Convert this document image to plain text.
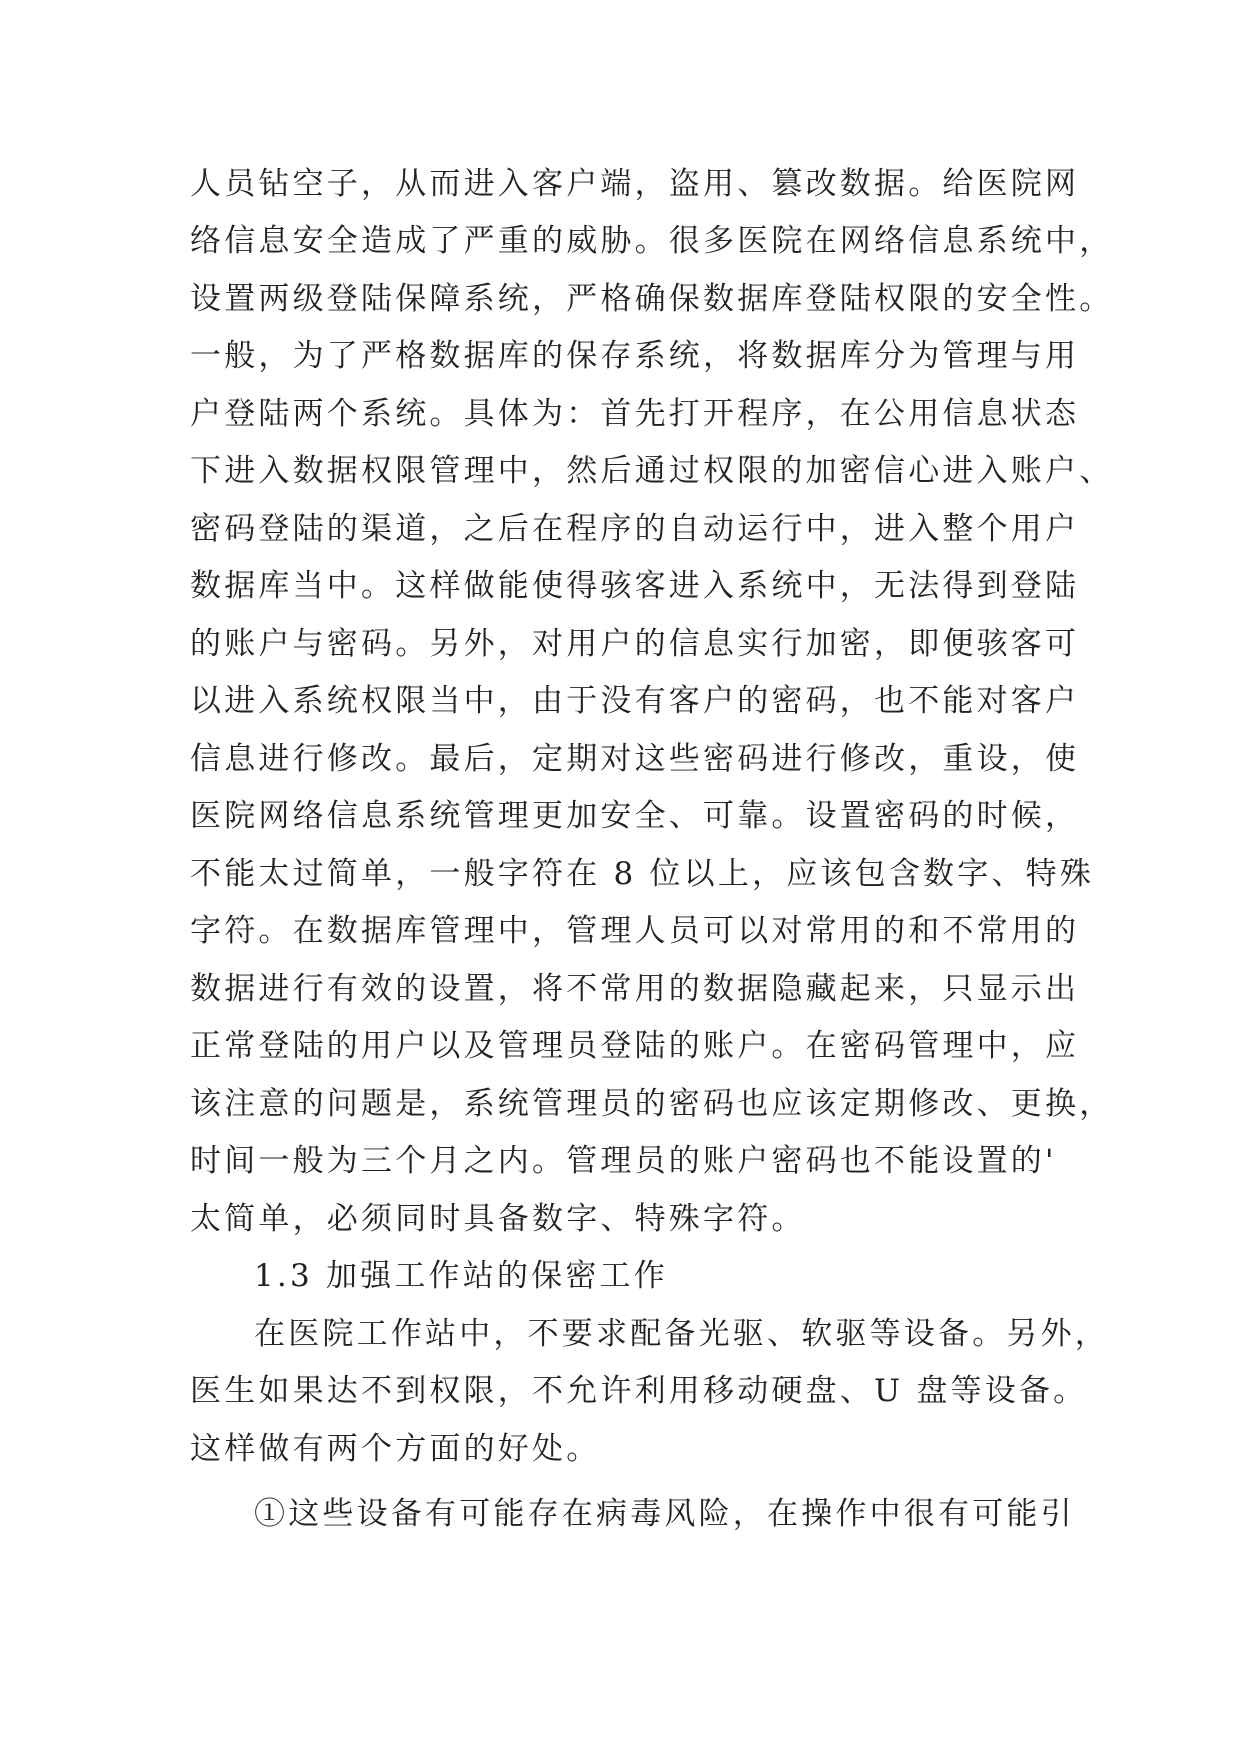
人员钻空子，从而进入客户端，盗用、篡改数据。给医院网
络信息安全造成了严重的威胁。很多医院在网络信息系统中，
设置两级登陆保障系统，严格确保数据库登陆权限的安全性。
一般，为了严格数据库的保存系统，将数据库分为管理与用
户登陆两个系统。具体为：首先打开程序，在公用信息状态
下进入数据权限管理中，然后通过权限的加密信心进入账户、
密码登陆的渠道，之后在程序的自动运行中，进入整个用户
数据库当中。这样做能使得骇客进入系统中，无法得到登陆
的账户与密码。另外，对用户的信息实行加密，即便骇客可
以进入系统权限当中，由于没有客户的密码，也不能对客户
信息进行修改。最后，定期对这些密码进行修改，重设，使
医院网络信息系统管理更加安全、可靠。设置密码的时候，
不能太过简单，一般字符在 8 位以上，应该包含数字、特殊
字符。在数据库管理中，管理人员可以对常用的和不常用的
数据进行有效的设置，将不常用的数据隐藏起来，只显示出
正常登陆的用户以及管理员登陆的账户。在密码管理中，应
该注意的问题是，系统管理员的密码也应该定期修改、更换，
时间一般为三个月之内。管理员的账户密码也不能设置的'
太简单，必须同时具备数字、特殊字符。
1.3 加强工作站的保密工作
在医院工作站中，不要求配备光驱、软驱等设备。另外，
医生如果达不到权限，不允许利用移动硬盘、U 盘等设备。
这样做有两个方面的好处。
①这些设备有可能存在病毒风险，在操作中很有可能引
